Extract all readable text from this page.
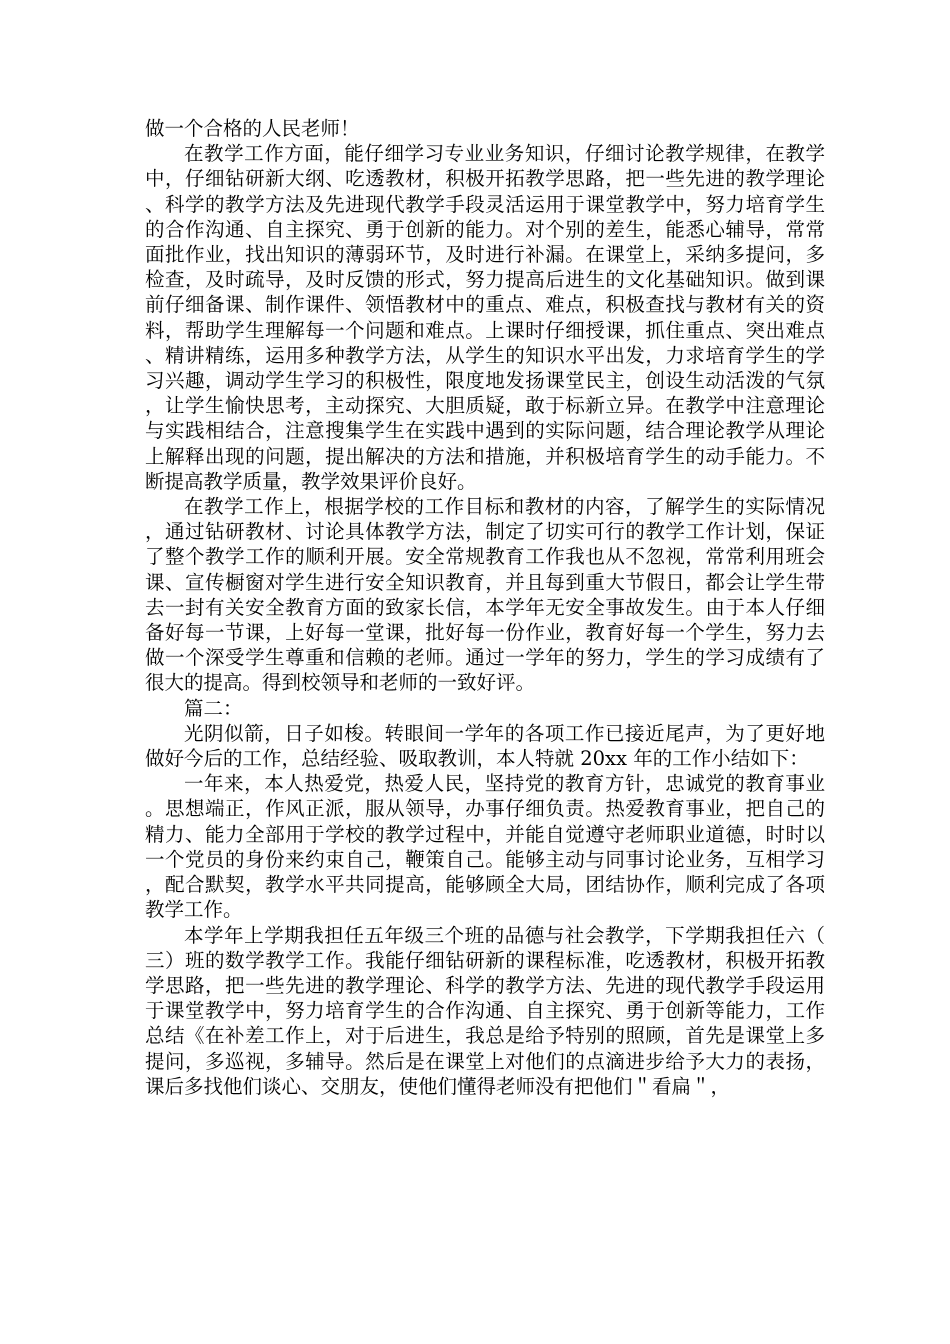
做一个合格的人民老师！

在教学工作方面，能仔细学习专业业务知识，仔细讨论教学规律，在教学中，仔细钻研新大纲、吃透教材，积极开拓教学思路，把一些先进的教学理论、科学的教学方法及先进现代教学手段灵活运用于课堂教学中，努力培育学生的合作沟通、自主探究、勇于创新的能力。对个别的差生，能悉心辅导，常常面批作业，找出知识的薄弱环节，及时进行补漏。在课堂上，采纳多提问，多检查，及时疏导，及时反馈的形式，努力提高后进生的文化基础知识。做到课前仔细备课、制作课件、领悟教材中的重点、难点，积极查找与教材有关的资料，帮助学生理解每一个问题和难点。上课时仔细授课，抓住重点、突出难点、精讲精练，运用多种教学方法，从学生的知识水平出发，力求培育学生的学习兴趣，调动学生学习的积极性，限度地发扬课堂民主，创设生动活泼的气氛，让学生愉快思考，主动探究、大胆质疑，敢于标新立异。在教学中注意理论与实践相结合，注意搜集学生在实践中遇到的实际问题，结合理论教学从理论上解释出现的问题，提出解决的方法和措施，并积极培育学生的动手能力。不断提高教学质量，教学效果评价良好。

在教学工作上，根据学校的工作目标和教材的内容，了解学生的实际情况，通过钻研教材、讨论具体教学方法，制定了切实可行的教学工作计划，保证了整个教学工作的顺利开展。安全常规教育工作我也从不忽视，常常利用班会课、宣传橱窗对学生进行安全知识教育，并且每到重大节假日，都会让学生带去一封有关安全教育方面的致家长信，本学年无安全事故发生。由于本人仔细备好每一节课，上好每一堂课，批好每一份作业，教育好每一个学生，努力去做一个深受学生尊重和信赖的老师。通过一学年的努力，学生的学习成绩有了很大的提高。得到校领导和老师的一致好评。

篇二：

光阴似箭，日子如梭。转眼间一学年的各项工作已接近尾声，为了更好地做好今后的工作，总结经验、吸取教训，本人特就 20xx 年的工作小结如下：

一年来，本人热爱党，热爱人民，坚持党的教育方针，忠诚党的教育事业。思想端正，作风正派，服从领导，办事仔细负责。热爱教育事业，把自己的精力、能力全部用于学校的教学过程中，并能自觉遵守老师职业道德，时时以一个党员的身份来约束自己，鞭策自己。能够主动与同事讨论业务，互相学习，配合默契，教学水平共同提高，能够顾全大局，团结协作，顺利完成了各项教学工作。

本学年上学期我担任五年级三个班的品德与社会教学，下学期我担任六（三）班的数学教学工作。我能仔细钻研新的课程标准，吃透教材，积极开拓教学思路，把一些先进的教学理论、科学的教学方法、先进的现代教学手段运用于课堂教学中，努力培育学生的合作沟通、自主探究、勇于创新等能力，工作总结《在补差工作上，对于后进生，我总是给予特别的照顾，首先是课堂上多提问，多巡视，多辅导。然后是在课堂上对他们的点滴进步给予大力的表扬，课后多找他们谈心、交朋友，使他们懂得老师没有把他们＂看扁＂，
